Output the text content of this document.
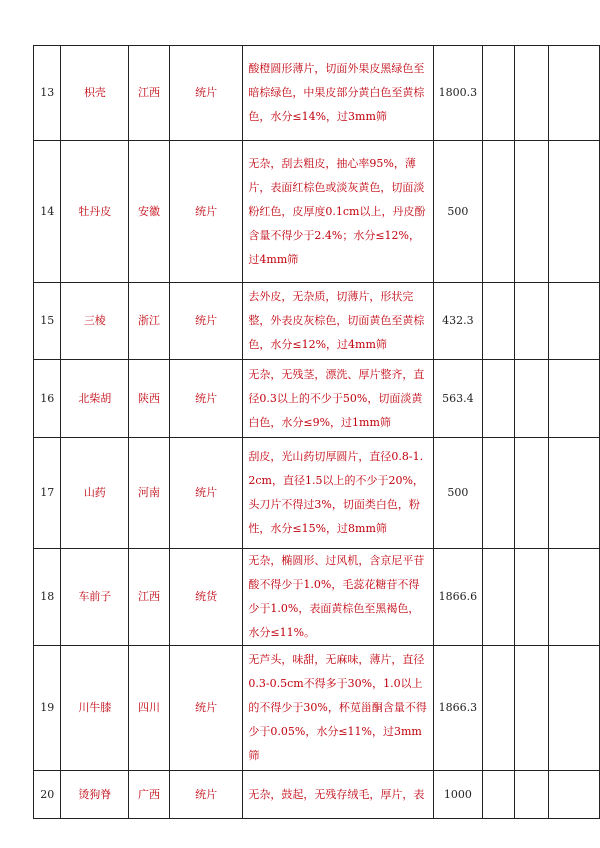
13	枳壳	江西	统片	酸橙圆形薄片，切面外果皮黑绿色至暗棕绿色，中果皮部分黄白色至黄棕色，水分≤14%，过3mm筛	1800.3			
14	牡丹皮	安徽	统片	无杂，刮去粗皮，抽心率95%，薄片，表面红棕色或淡灰黄色，切面淡粉红色，皮厚度0.1cm以上，丹皮酚含量不得少于2.4%；水分≤12%，过4mm筛	500			
15	三棱	浙江	统片	去外皮，无杂质，切薄片，形状完整，外表皮灰棕色，切面黄色至黄棕色，水分≤12%，过4mm筛	432.3			
16	北柴胡	陕西	统片	无杂，无残茎，漂洗、厚片整齐，直径0.3以上的不少于50%，切面淡黄白色，水分≤9%，过1mm筛	563.4			
17	山药	河南	统片	刮皮，光山药切厚圆片，直径0.8-1.2cm，直径1.5以上的不少于20%，头刀片不得过3%，切面类白色，粉性，水分≤15%，过8mm筛	500			
18	车前子	江西	统货	无杂，椭圆形、过风机，含京尼平苷酸不得少于1.0%，毛蕊花糖苷不得少于1.0%，表面黄棕色至黑褐色，水分≤11%。	1866.6			
19	川牛膝	四川	统片	无芦头，味甜，无麻味，薄片，直径0.3-0.5cm不得多于30%，1.0以上的不得少于30%，杯苋甾酮含量不得少于0.05%，水分≤11%，过3mm筛	1866.3			
20	烫狗脊	广西	统片	无杂，鼓起，无残存绒毛，厚片，表	1000			
